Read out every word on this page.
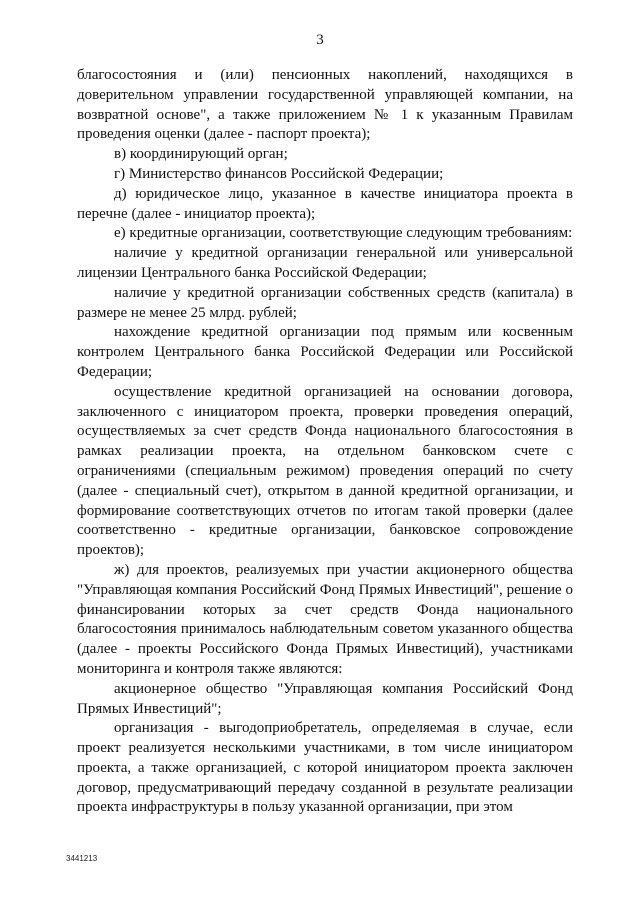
3

благосостояния и (или) пенсионных накоплений, находящихся в доверительном управлении государственной управляющей компании, на возвратной основе", а также приложением № 1 к указанным Правилам проведения оценки (далее - паспорт проекта);

в) координирующий орган;

г) Министерство финансов Российской Федерации;

д) юридическое лицо, указанное в качестве инициатора проекта в перечне (далее - инициатор проекта);

е) кредитные организации, соответствующие следующим требованиям:

наличие у кредитной организации генеральной или универсальной лицензии Центрального банка Российской Федерации;

наличие у кредитной организации собственных средств (капитала) в размере не менее 25 млрд. рублей;

нахождение кредитной организации под прямым или косвенным контролем Центрального банка Российской Федерации или Российской Федерации;

осуществление кредитной организацией на основании договора, заключенного с инициатором проекта, проверки проведения операций, осуществляемых за счет средств Фонда национального благосостояния в рамках реализации проекта, на отдельном банковском счете с ограничениями (специальным режимом) проведения операций по счету (далее - специальный счет), открытом в данной кредитной организации, и формирование соответствующих отчетов по итогам такой проверки (далее соответственно - кредитные организации, банковское сопровождение проектов);

ж) для проектов, реализуемых при участии акционерного общества "Управляющая компания Российский Фонд Прямых Инвестиций", решение о финансировании которых за счет средств Фонда национального благосостояния принималось наблюдательным советом указанного общества (далее - проекты Российского Фонда Прямых Инвестиций), участниками мониторинга и контроля также являются:

акционерное общество "Управляющая компания Российский Фонд Прямых Инвестиций";

организация - выгодоприобретатель, определяемая в случае, если проект реализуется несколькими участниками, в том числе инициатором проекта, а также организацией, с которой инициатором проекта заключен договор, предусматривающий передачу созданной в результате реализации проекта инфраструктуры в пользу указанной организации, при этом

3441213
